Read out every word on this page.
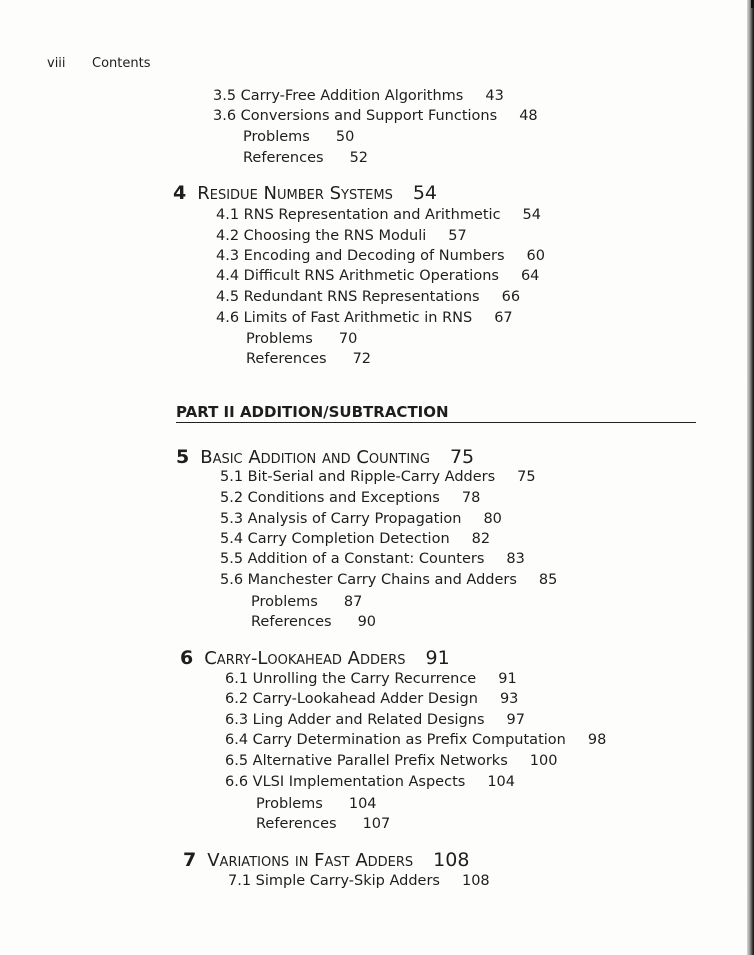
viii Contents
3.5 Carry-Free Addition Algorithms 43
3.6 Conversions and Support Functions 48
Problems 50
References 52
4 Residue Number Systems 54
4.1 RNS Representation and Arithmetic 54
4.2 Choosing the RNS Moduli 57
4.3 Encoding and Decoding of Numbers 60
4.4 Difficult RNS Arithmetic Operations 64
4.5 Redundant RNS Representations 66
4.6 Limits of Fast Arithmetic in RNS 67
Problems 70
References 72
PART II ADDITION/SUBTRACTION
5 Basic Addition and Counting 75
5.1 Bit-Serial and Ripple-Carry Adders 75
5.2 Conditions and Exceptions 78
5.3 Analysis of Carry Propagation 80
5.4 Carry Completion Detection 82
5.5 Addition of a Constant: Counters 83
5.6 Manchester Carry Chains and Adders 85
Problems 87
References 90
6 Carry-Lookahead Adders 91
6.1 Unrolling the Carry Recurrence 91
6.2 Carry-Lookahead Adder Design 93
6.3 Ling Adder and Related Designs 97
6.4 Carry Determination as Prefix Computation 98
6.5 Alternative Parallel Prefix Networks 100
6.6 VLSI Implementation Aspects 104
Problems 104
References 107
7 Variations in Fast Adders 108
7.1 Simple Carry-Skip Adders 108
